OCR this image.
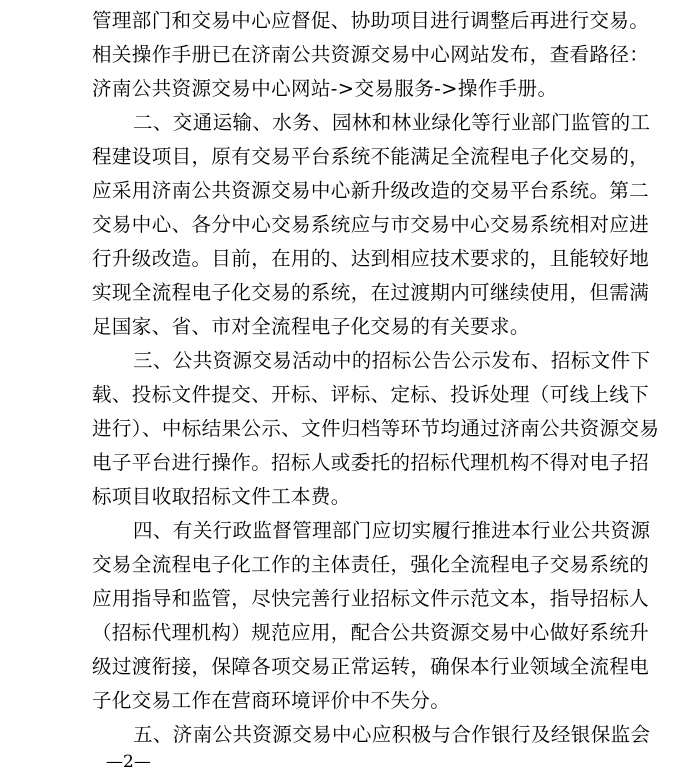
管理部门和交易中心应督促、协助项目进行调整后再进行交易。
相关操作手册已在济南公共资源交易中心网站发布，查看路径：
济南公共资源交易中心网站->交易服务->操作手册。
二、交通运输、水务、园林和林业绿化等行业部门监管的工
程建设项目，原有交易平台系统不能满足全流程电子化交易的，
应采用济南公共资源交易中心新升级改造的交易平台系统。第二
交易中心、各分中心交易系统应与市交易中心交易系统相对应进
行升级改造。目前，在用的、达到相应技术要求的，且能较好地
实现全流程电子化交易的系统，在过渡期内可继续使用，但需满
足国家、省、市对全流程电子化交易的有关要求。
三、公共资源交易活动中的招标公告公示发布、招标文件下
载、投标文件提交、开标、评标、定标、投诉处理（可线上线下
进行）、中标结果公示、文件归档等环节均通过济南公共资源交易
电子平台进行操作。招标人或委托的招标代理机构不得对电子招
标项目收取招标文件工本费。
四、有关行政监督管理部门应切实履行推进本行业公共资源
交易全流程电子化工作的主体责任，强化全流程电子交易系统的
应用指导和监管，尽快完善行业招标文件示范文本，指导招标人
（招标代理机构）规范应用，配合公共资源交易中心做好系统升
级过渡衔接，保障各项交易正常运转，确保本行业领域全流程电
子化交易工作在营商环境评价中不失分。
五、济南公共资源交易中心应积极与合作银行及经银保监会
—2—
